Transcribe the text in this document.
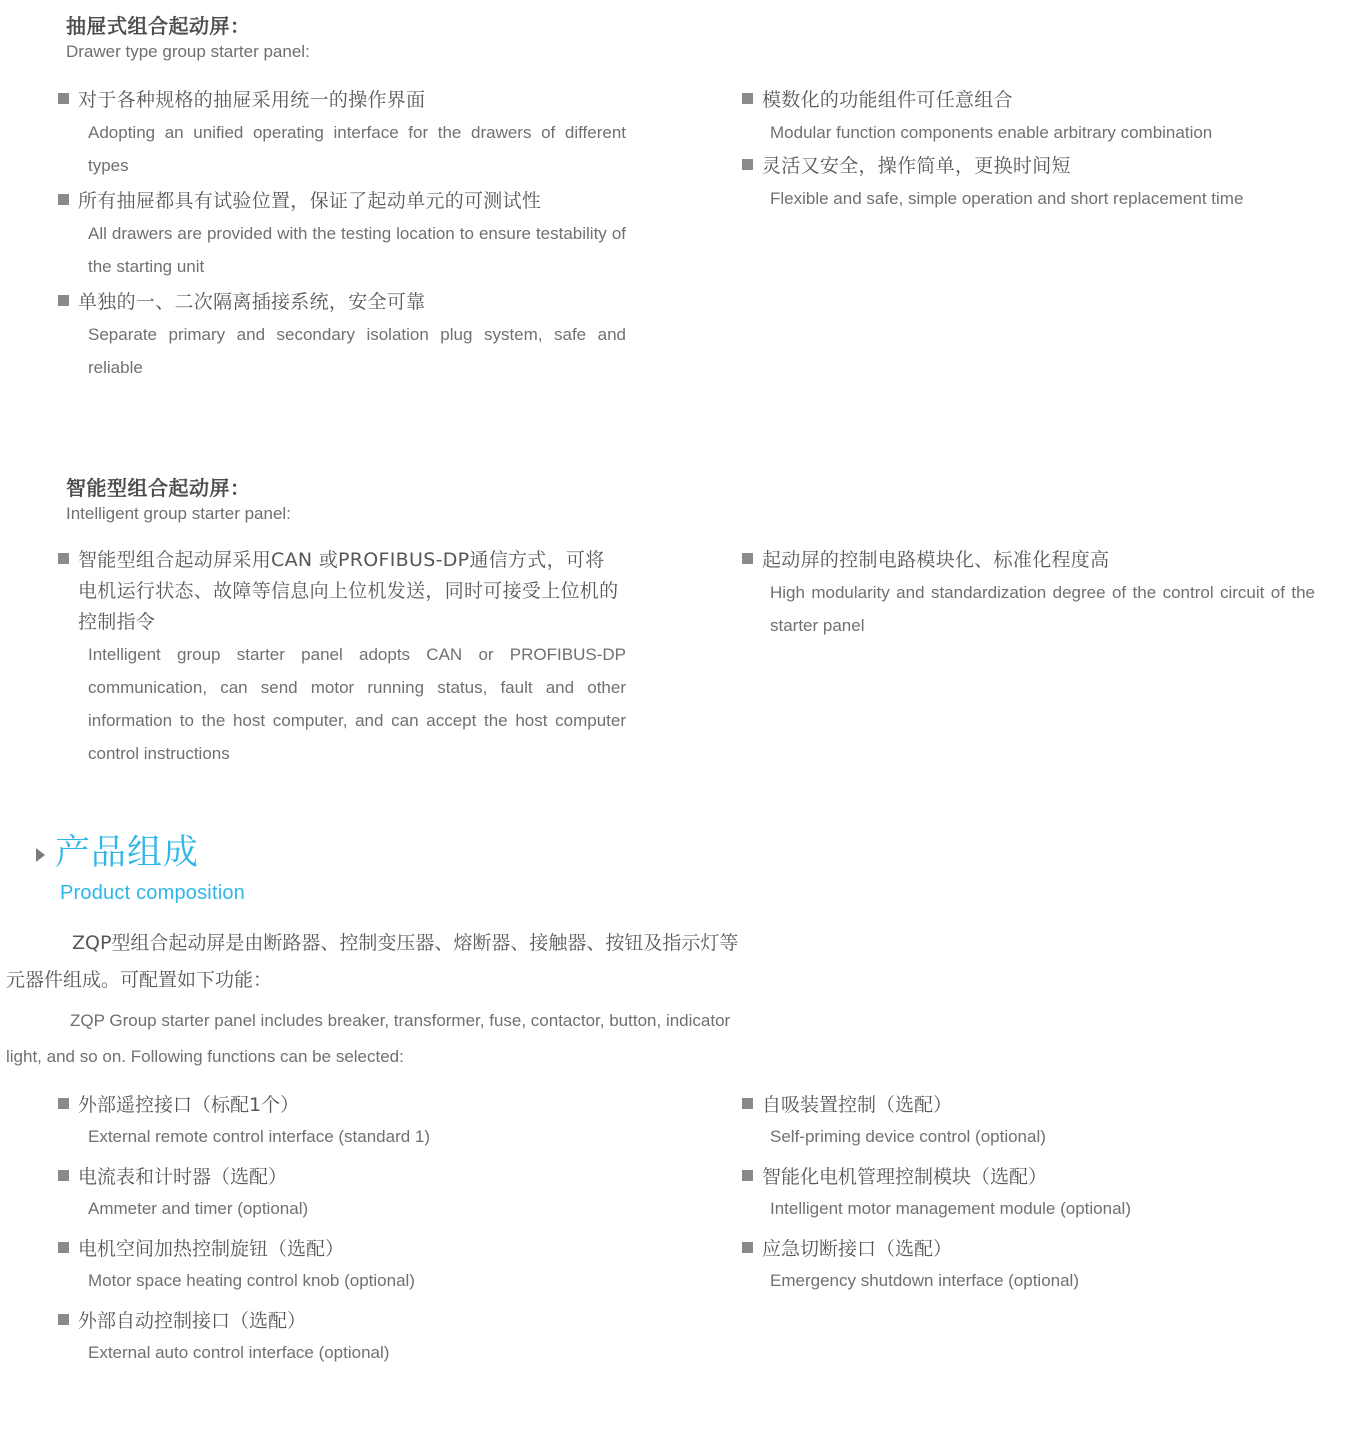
抽屉式组合起动屏：
Drawer type group starter panel:
对于各种规格的抽屉采用统一的操作界面
Adopting an unified operating interface for the drawers of different types
所有抽屉都具有试验位置，保证了起动单元的可测试性
All drawers are provided with the testing location to ensure testability of the starting unit
单独的一、二次隔离插接系统，安全可靠
Separate primary and secondary isolation plug system, safe and reliable
模数化的功能组件可任意组合
Modular function components enable arbitrary combination
灵活又安全，操作简单，更换时间短
Flexible and safe, simple operation and short replacement time
智能型组合起动屏：
Intelligent group starter panel:
智能型组合起动屏采用CAN 或PROFIBUS-DP通信方式，可将电机运行状态、故障等信息向上位机发送，同时可接受上位机的控制指令
Intelligent group starter panel adopts CAN or PROFIBUS-DP communication, can send motor running status, fault and other information to the host computer, and can accept the host computer control instructions
起动屏的控制电路模块化、标准化程度高
High modularity and standardization degree of the control circuit of the starter panel
产品组成
Product composition
ZQP型组合起动屏是由断路器、控制变压器、熔断器、接触器、按钮及指示灯等
元器件组成。可配置如下功能：
ZQP Group starter panel includes breaker, transformer, fuse, contactor, button, indicator
light, and so on. Following functions can be selected:
外部遥控接口（标配1个）
External remote control interface (standard 1)
电流表和计时器（选配）
Ammeter and timer (optional)
电机空间加热控制旋钮（选配）
Motor space heating control knob (optional)
外部自动控制接口（选配）
External auto control interface (optional)
自吸装置控制（选配）
Self-priming device control (optional)
智能化电机管理控制模块（选配）
Intelligent motor management module (optional)
应急切断接口（选配）
Emergency shutdown interface (optional)
